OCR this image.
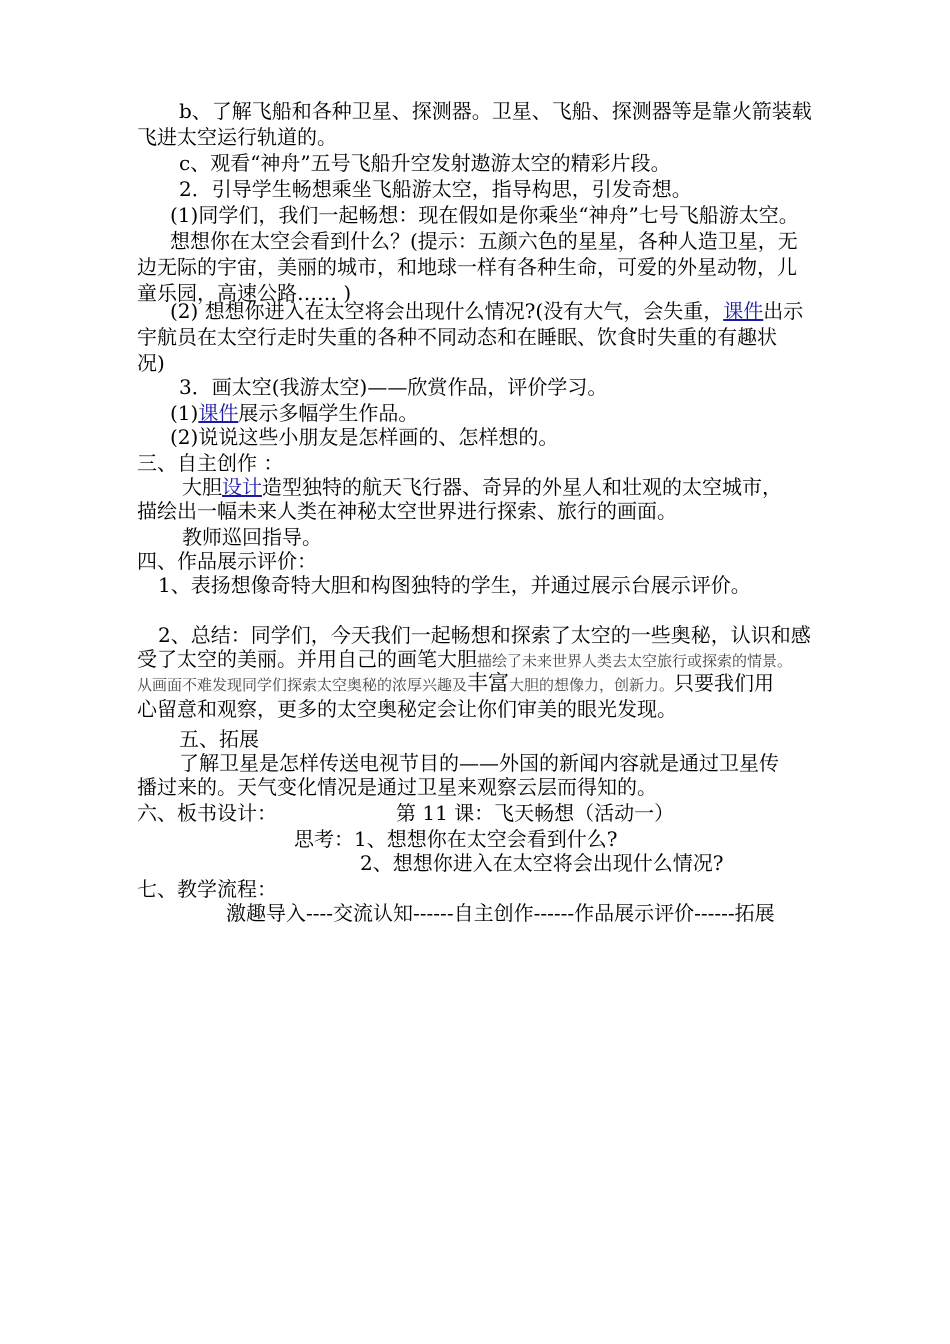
b、了解飞船和各种卫星、探测器。卫星、飞船、探测器等是靠火箭装载
飞进太空运行轨道的。
c、观看“神舟”五号飞船升空发射遨游太空的精彩片段。
2．引导学生畅想乘坐飞船游太空，指导构思，引发奇想。
(1)同学们，我们一起畅想：现在假如是你乘坐“神舟”七号飞船游太空。
想想你在太空会看到什么？(提示：五颜六色的星星，各种人造卫星，无
边无际的宇宙，美丽的城市，和地球一样有各种生命，可爱的外星动物，儿
童乐园，高速公路…… )
(2) 想想你进入在太空将会出现什么情况?(没有大气，会失重，课件出示
宇航员在太空行走时失重的各种不同动态和在睡眠、饮食时失重的有趣状
况)
3．画太空(我游太空)——欣赏作品，评价学习。
(1)课件展示多幅学生作品。
(2)说说这些小朋友是怎样画的、怎样想的。
三、自主创作 ：
大胆设计造型独特的航天飞行器、奇异的外星人和壮观的太空城市，
描绘出一幅未来人类在神秘太空世界进行探索、旅行的画面。
教师巡回指导。
四、作品展示评价：
1、表扬想像奇特大胆和构图独特的学生，并通过展示台展示评价。
2、总结：同学们，今天我们一起畅想和探索了太空的一些奥秘，认识和感
受了太空的美丽。并用自己的画笔大胆描绘了未来世界人类去太空旅行或探索的情景。
从画面不难发现同学们探索太空奥秘的浓厚兴趣及丰富大胆的想像力，创新力。只要我们用
心留意和观察，更多的太空奥秘定会让你们审美的眼光发现。
五、拓展
了解卫星是怎样传送电视节目的——外国的新闻内容就是通过卫星传
播过来的。天气变化情况是通过卫星来观察云层而得知的。
六、板书设计：	第 11 课：飞天畅想（活动一）
思考：1、想想你在太空会看到什么?
2、想想你进入在太空将会出现什么情况?
七、教学流程：
激趣导入----交流认知------自主创作------作品展示评价------拓展
